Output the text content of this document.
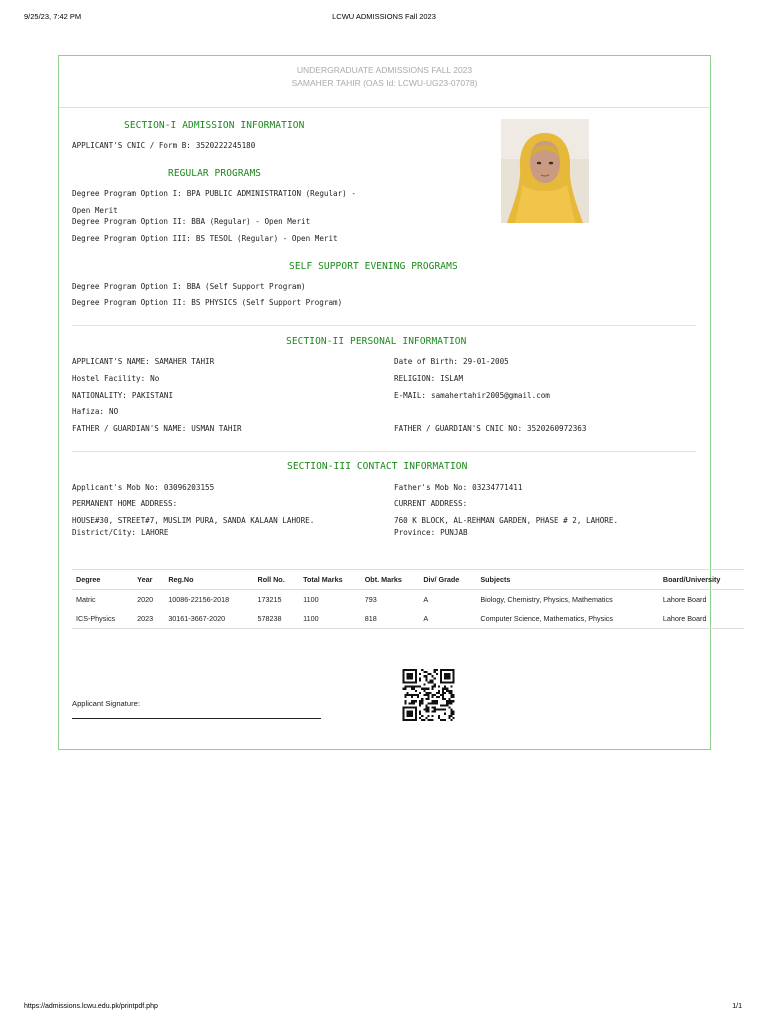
9/25/23, 7:42 PM	LCWU ADMISSIONS Fall 2023
UNDERGRADUATE ADMISSIONS FALL 2023
SAMAHER TAHIR (OAS Id: LCWU-UG23-07078)
SECTION-I ADMISSION INFORMATION
APPLICANT'S CNIC / Form B: 3520222245180
REGULAR PROGRAMS
Degree Program Option I: BPA PUBLIC ADMINISTRATION (Regular) -
Open Merit
Degree Program Option II: BBA (Regular) - Open Merit
Degree Program Option III: BS TESOL (Regular) - Open Merit
SELF SUPPORT EVENING PROGRAMS
Degree Program Option I: BBA (Self Support Program)
Degree Program Option II: BS PHYSICS (Self Support Program)
SECTION-II PERSONAL INFORMATION
APPLICANT'S NAME: SAMAHER TAHIR	Date of Birth: 29-01-2005
Hostel Facility: No	RELIGION: ISLAM
NATIONALITY: PAKISTANI	E-MAIL: samahertahir2005@gmail.com
Hafiza: NO
FATHER / GUARDIAN'S NAME: USMAN TAHIR	FATHER / GUARDIAN'S CNIC NO: 3520260972363
SECTION-III CONTACT INFORMATION
Applicant's Mob No: 03096203155	Father's Mob No: 03234771411
PERMANENT HOME ADDRESS:	CURRENT ADDRESS:
HOUSE#30, STREET#7, MUSLIM PURA, SANDA KALAAN LAHORE.	760 K BLOCK, AL-REHMAN GARDEN, PHASE # 2, LAHORE.
District/City: LAHORE	Province: PUNJAB
Degree	Year	Reg.No	Roll No.	Total Marks	Obt. Marks	Div/ Grade	Subjects	Board/University
Matric	2020	10086-22156-2018	173215	1100	793	A	Biology, Chemistry, Physics, Mathematics	Lahore Board
ICS-Physics	2023	30161-3667-2020	578238	1100	818	A	Computer Science, Mathematics, Physics	Lahore Board
Applicant Signature:
https://admissions.lcwu.edu.pk/printpdf.php	1/1
